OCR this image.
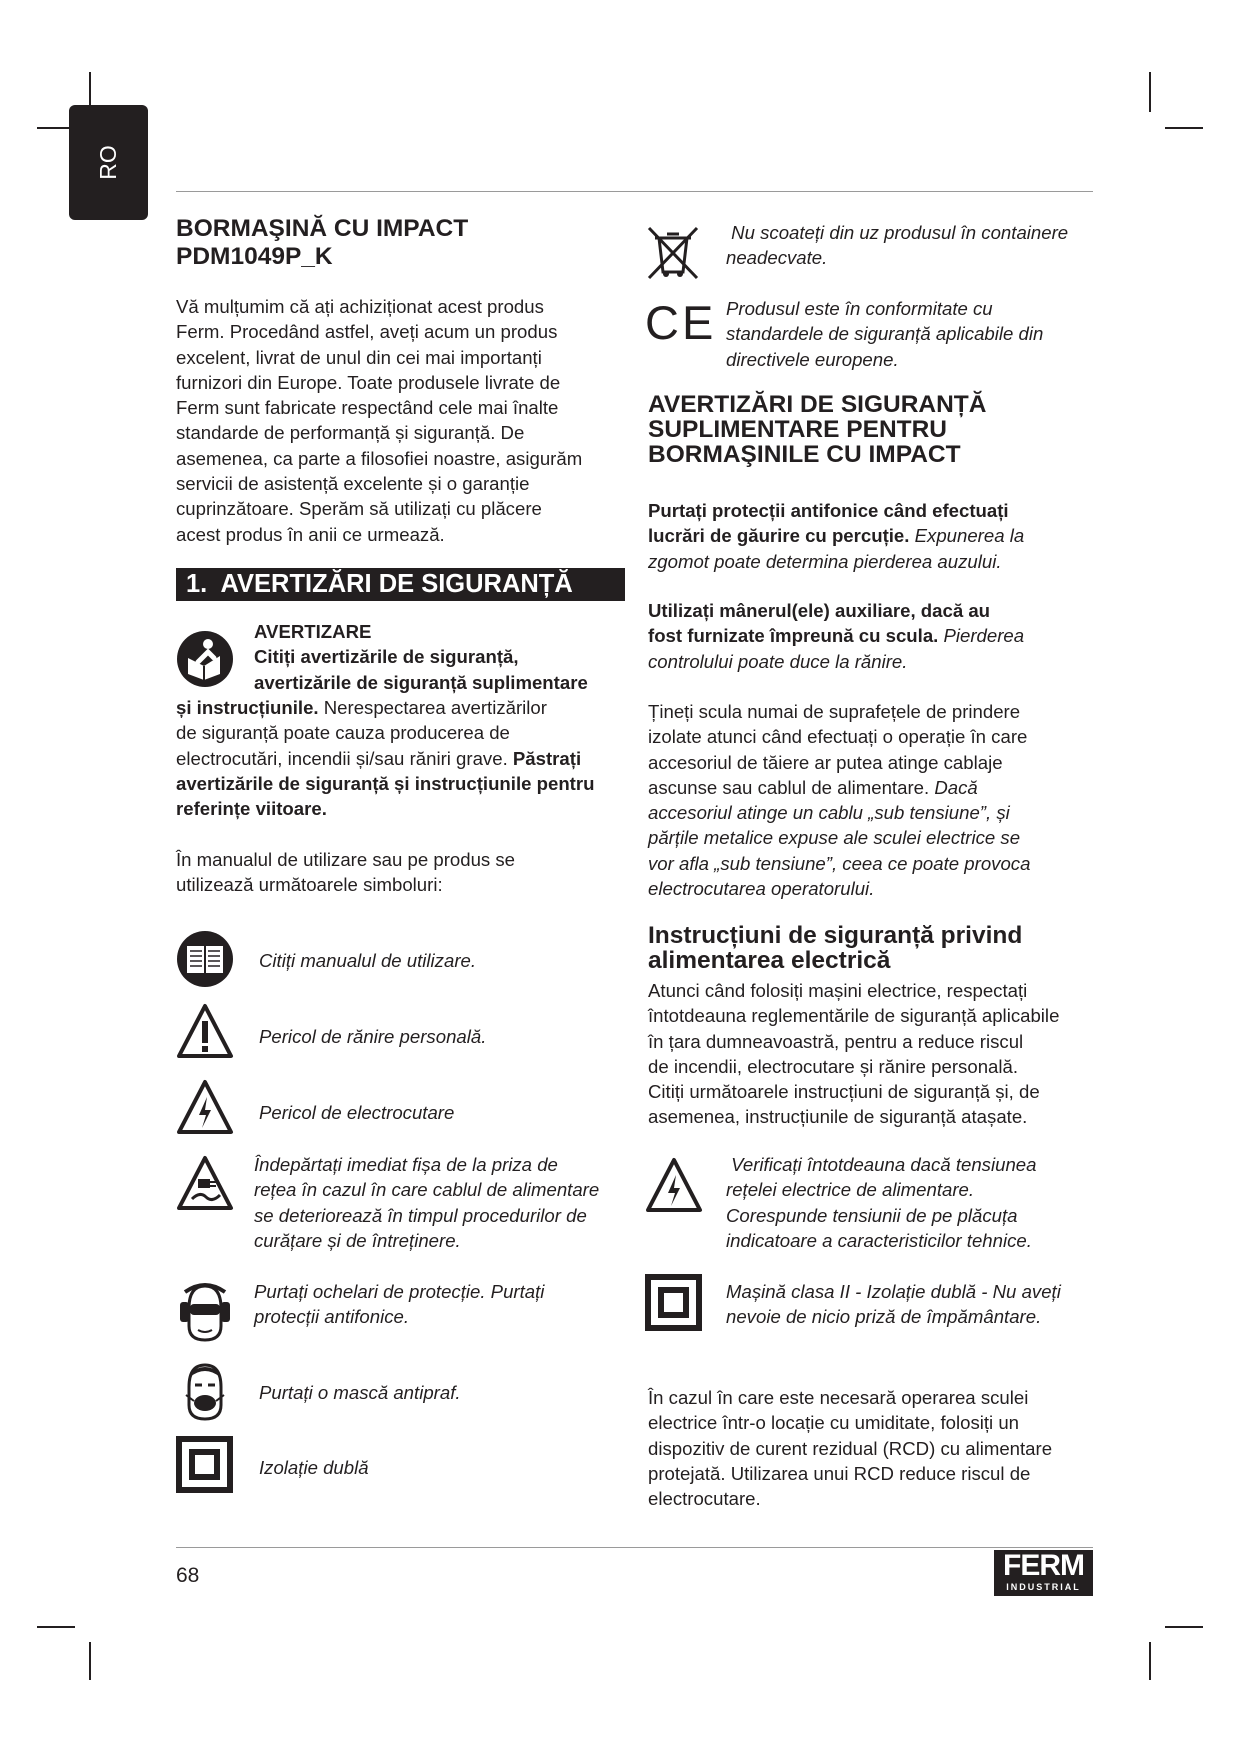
RO
BORMAŞINĂ CU IMPACT
PDM1049P_K
Vă mulțumim că ați achiziționat acest produs
Ferm. Procedând astfel, aveți acum un produs
excelent, livrat de unul din cei mai importanți
furnizori din Europe. Toate produsele livrate de
Ferm sunt fabricate respectând cele mai înalte
standarde de performanță și siguranță. De
asemenea, ca parte a filosofiei noastre, asigurăm
servicii de asistență excelente și o garanție
cuprinzătoare. Sperăm să utilizați cu plăcere
acest produs în anii ce urmează.
1. AVERTIZĂRI DE SIGURANȚĂ
AVERTIZARE
Citiți avertizările de siguranță,
avertizările de siguranță suplimentare
și instrucțiunile. Nerespectarea avertizărilor
de siguranță poate cauza producerea de
electrocutări, incendii și/sau răniri grave. Păstrați
avertizările de siguranță și instrucțiunile pentru
referințe viitoare.
În manualul de utilizare sau pe produs se
utilizează următoarele simboluri:
Citiți manualul de utilizare.
Pericol de rănire personală.
Pericol de electrocutare
Îndepărtați imediat fișa de la priza de
rețea în cazul în care cablul de alimentare
se deteriorează în timpul procedurilor de
curățare și de întreținere.
Purtați ochelari de protecție. Purtați
protecții antifonice.
Purtați o mască antipraf.
Izolație dublă
Nu scoateți din uz produsul în containere
neadecvate.
CE Produsul este în conformitate cu
standardele de siguranță aplicabile din
directivele europene.
AVERTIZĂRI DE SIGURANȚĂ
SUPLIMENTARE PENTRU
BORMAŞINILE CU IMPACT
Purtați protecții antifonice când efectuați
lucrări de găurire cu percuție. Expunerea la
zgomot poate determina pierderea auzului.
Utilizați mânerul(ele) auxiliare, dacă au
fost furnizate împreună cu scula. Pierderea
controlului poate duce la rănire.
Țineți scula numai de suprafețele de prindere
izolate atunci când efectuați o operație în care
accesoriul de tăiere ar putea atinge cablaje
ascunse sau cablul de alimentare. Dacă
accesoriul atinge un cablu „sub tensiune”, și
părțile metalice expuse ale sculei electrice se
vor afla „sub tensiune”, ceea ce poate provoca
electrocutarea operatorului.
Instrucțiuni de siguranță privind
alimentarea electrică
Atunci când folosiți mașini electrice, respectați
întotdeauna reglementările de siguranță aplicabile
în țara dumneavoastră, pentru a reduce riscul
de incendii, electrocutare și rănire personală.
Citiți următoarele instrucțiuni de siguranță și, de
asemenea, instrucțiunile de siguranță atașate.
Verificați întotdeauna dacă tensiunea
rețelei electrice de alimentare.
Corespunde tensiunii de pe plăcuța
indicatoare a caracteristicilor tehnice.
Mașină clasa II - Izolație dublă - Nu aveți
nevoie de nicio priză de împământare.
În cazul în care este necesară operarea sculei
electrice într-o locație cu umiditate, folosiți un
dispozitiv de curent rezidual (RCD) cu alimentare
protejată. Utilizarea unui RCD reduce riscul de
electrocutare.
68	FERM
INDUSTRIAL
